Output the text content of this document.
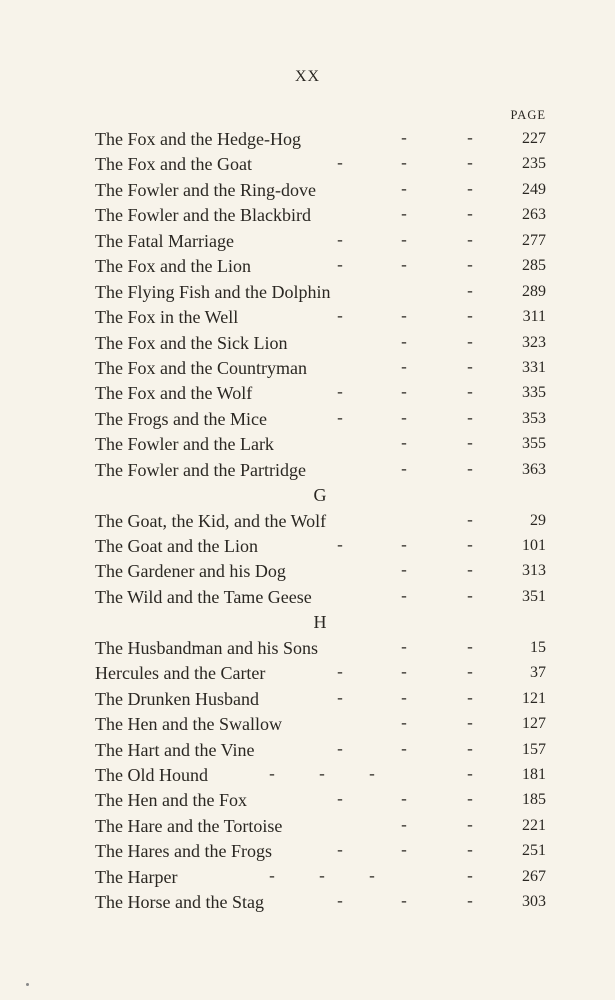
XX
PAGE
The Fox and the Hedge-Hog	-	-	227
The Fox and the Goat	-	-	-	235
The Fowler and the Ring-dove	-	-	249
The Fowler and the Blackbird	-	-	263
The Fatal Marriage	-	-	-	277
The Fox and the Lion	-	-	-	285
The Flying Fish and the Dolphin	-	289
The Fox in the Well	-	-	-	311
The Fox and the Sick Lion	-	-	323
The Fox and the Countryman	-	-	331
The Fox and the Wolf	-	-	-	335
The Frogs and the Mice	-	-	-	353
The Fowler and the Lark	-	-	355
The Fowler and the Partridge	-	-	363
G
The Goat, the Kid, and the Wolf	-	29
The Goat and the Lion	-	-	-	101
The Gardener and his Dog	-	-	313
The Wild and the Tame Geese	-	-	351
H
The Husbandman and his Sons	-	-	15
Hercules and the Carter	-	-	-	37
The Drunken Husband	-	-	-	121
The Hen and the Swallow	-	-	127
The Hart and the Vine	-	-	-	157
The Old Hound	-	-	-	-	181
The Hen and the Fox	-	-	-	185
The Hare and the Tortoise	-	-	221
The Hares and the Frogs	-	-	-	251
The Harper	-	-	-	-	267
The Horse and the Stag	-	-	-	303
